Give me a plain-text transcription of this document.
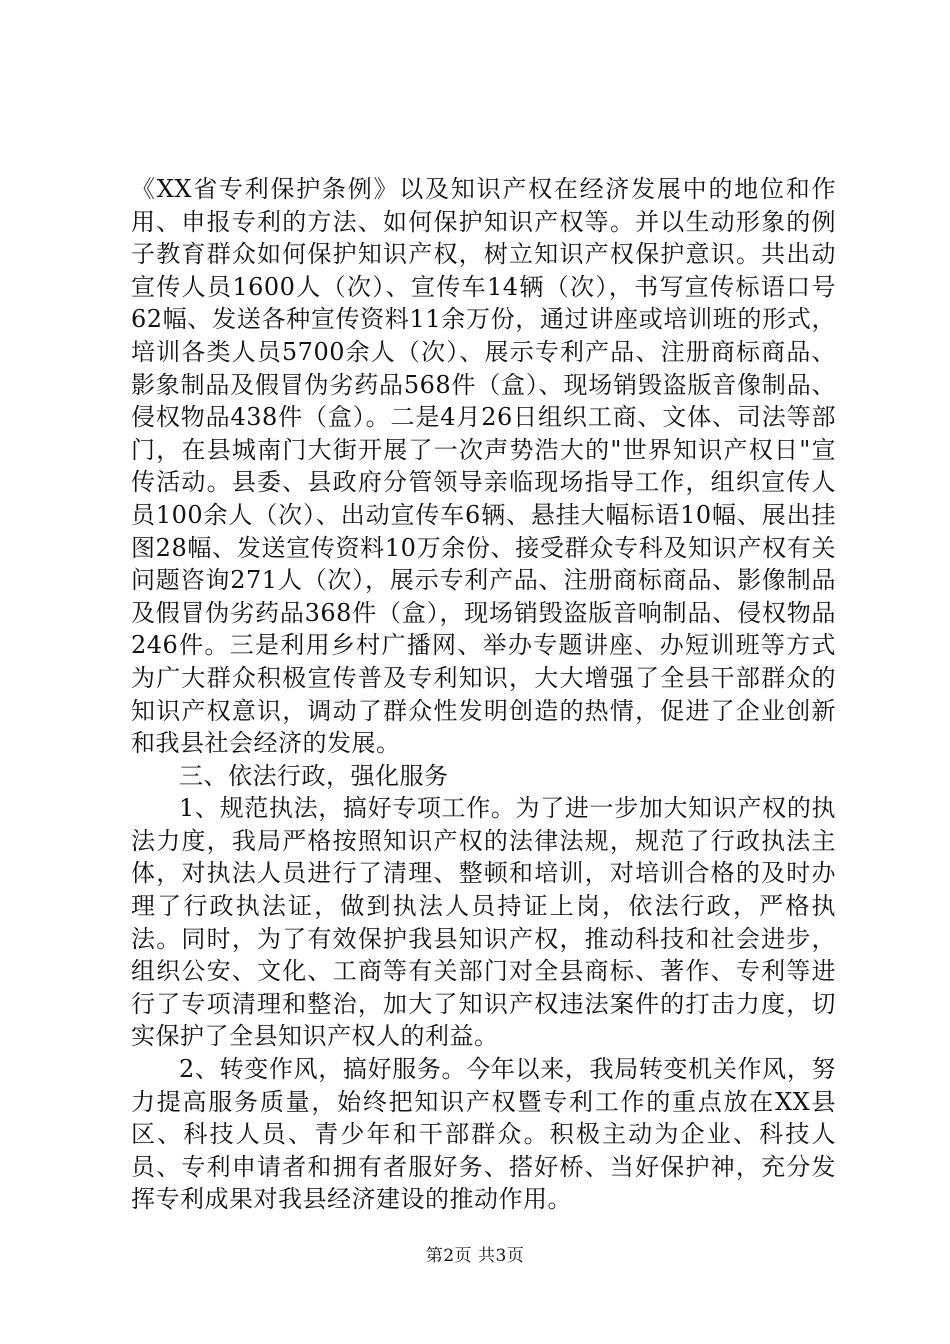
《XX省专利保护条例》以及知识产权在经济发展中的地位和作用、申报专利的方法、如何保护知识产权等。并以生动形象的例子教育群众如何保护知识产权，树立知识产权保护意识。共出动宣传人员1600人（次）、宣传车14辆（次），书写宣传标语口号62幅、发送各种宣传资料11余万份，通过讲座或培训班的形式，培训各类人员5700余人（次）、展示专利产品、注册商标商品、影象制品及假冒伪劣药品568件（盒）、现场销毁盗版音像制品、侵权物品438件（盒）。二是4月26日组织工商、文体、司法等部门，在县城南门大街开展了一次声势浩大的"世界知识产权日"宣传活动。县委、县政府分管领导亲临现场指导工作，组织宣传人员100余人（次）、出动宣传车6辆、悬挂大幅标语10幅、展出挂图28幅、发送宣传资料10万余份、接受群众专科及知识产权有关问题咨询271人（次），展示专利产品、注册商标商品、影像制品及假冒伪劣药品368件（盒），现场销毁盗版音响制品、侵权物品246件。三是利用乡村广播网、举办专题讲座、办短训班等方式为广大群众积极宣传普及专利知识，大大增强了全县干部群众的知识产权意识，调动了群众性发明创造的热情，促进了企业创新和我县社会经济的发展。

三、依法行政，强化服务

1、规范执法，搞好专项工作。为了进一步加大知识产权的执法力度，我局严格按照知识产权的法律法规，规范了行政执法主体，对执法人员进行了清理、整顿和培训，对培训合格的及时办理了行政执法证，做到执法人员持证上岗，依法行政，严格执法。同时，为了有效保护我县知识产权，推动科技和社会进步，组织公安、文化、工商等有关部门对全县商标、著作、专利等进行了专项清理和整治，加大了知识产权违法案件的打击力度，切实保护了全县知识产权人的利益。

2、转变作风，搞好服务。今年以来，我局转变机关作风，努力提高服务质量，始终把知识产权暨专利工作的重点放在XX县区、科技人员、青少年和干部群众。积极主动为企业、科技人员、专利申请者和拥有者服好务、搭好桥、当好保护神，充分发挥专利成果对我县经济建设的推动作用。

第2页 共3页
